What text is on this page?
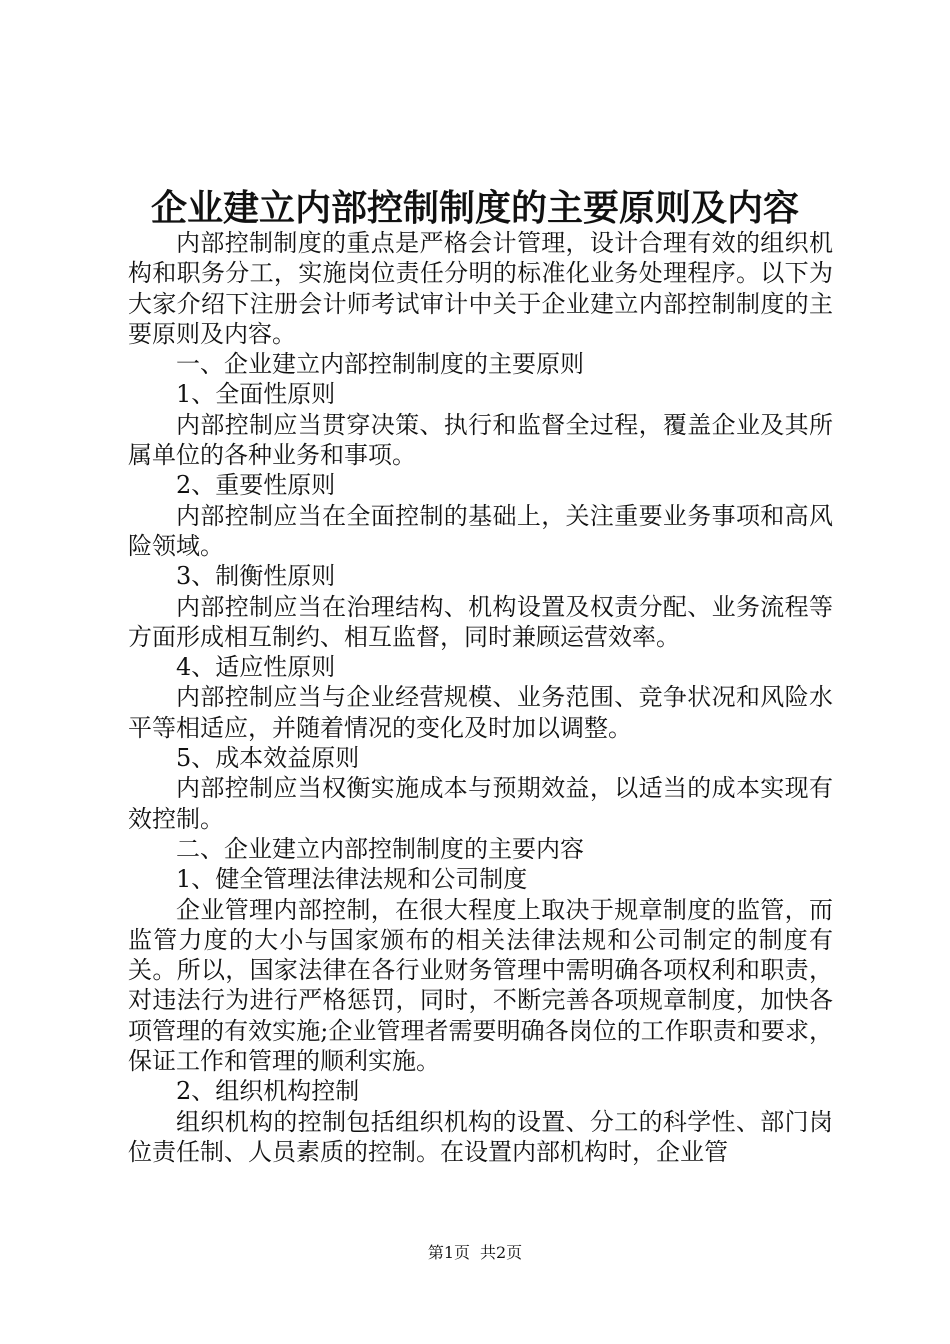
企业建立内部控制制度的主要原则及内容

内部控制制度的重点是严格会计管理，设计合理有效的组织机构和职务分工，实施岗位责任分明的标准化业务处理程序。以下为大家介绍下注册会计师考试审计中关于企业建立内部控制制度的主要原则及内容。

一、企业建立内部控制制度的主要原则

1、全面性原则

内部控制应当贯穿决策、执行和监督全过程，覆盖企业及其所属单位的各种业务和事项。

2、重要性原则

内部控制应当在全面控制的基础上，关注重要业务事项和高风险领域。

3、制衡性原则

内部控制应当在治理结构、机构设置及权责分配、业务流程等方面形成相互制约、相互监督，同时兼顾运营效率。

4、适应性原则

内部控制应当与企业经营规模、业务范围、竞争状况和风险水平等相适应，并随着情况的变化及时加以调整。

5、成本效益原则

内部控制应当权衡实施成本与预期效益，以适当的成本实现有效控制。

二、企业建立内部控制制度的主要内容

1、健全管理法律法规和公司制度

企业管理内部控制，在很大程度上取决于规章制度的监管，而监管力度的大小与国家颁布的相关法律法规和公司制定的制度有关。所以，国家法律在各行业财务管理中需明确各项权利和职责，对违法行为进行严格惩罚，同时，不断完善各项规章制度，加快各项管理的有效实施;企业管理者需要明确各岗位的工作职责和要求，保证工作和管理的顺利实施。

2、组织机构控制

组织机构的控制包括组织机构的设置、分工的科学性、部门岗位责任制、人员素质的控制。在设置内部机构时，企业管

第1页 共2页
